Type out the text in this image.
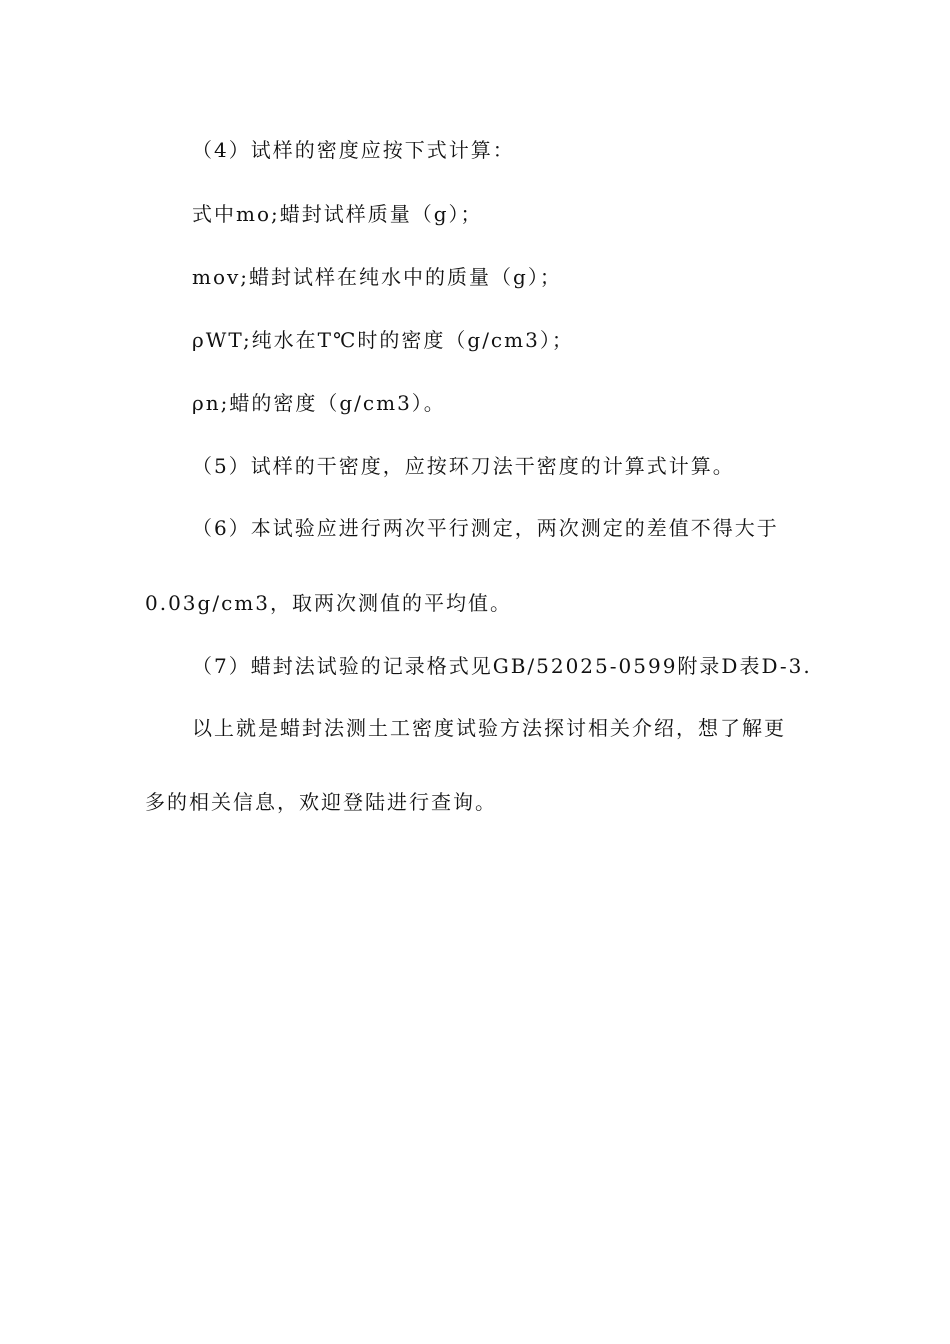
（4）试样的密度应按下式计算：
式中mo;蜡封试样质量（g）；
mov;蜡封试样在纯水中的质量（g）；
ρWT;纯水在T℃时的密度（g/cm3）；
ρn;蜡的密度（g/cm3）。
（5）试样的干密度，应按环刀法干密度的计算式计算。
（6）本试验应进行两次平行测定，两次测定的差值不得大于
0.03g/cm3，取两次测值的平均值。
（7）蜡封法试验的记录格式见GB/52025-0599附录D表D-3.
以上就是蜡封法测土工密度试验方法探讨相关介绍，想了解更
多的相关信息，欢迎登陆进行查询。
